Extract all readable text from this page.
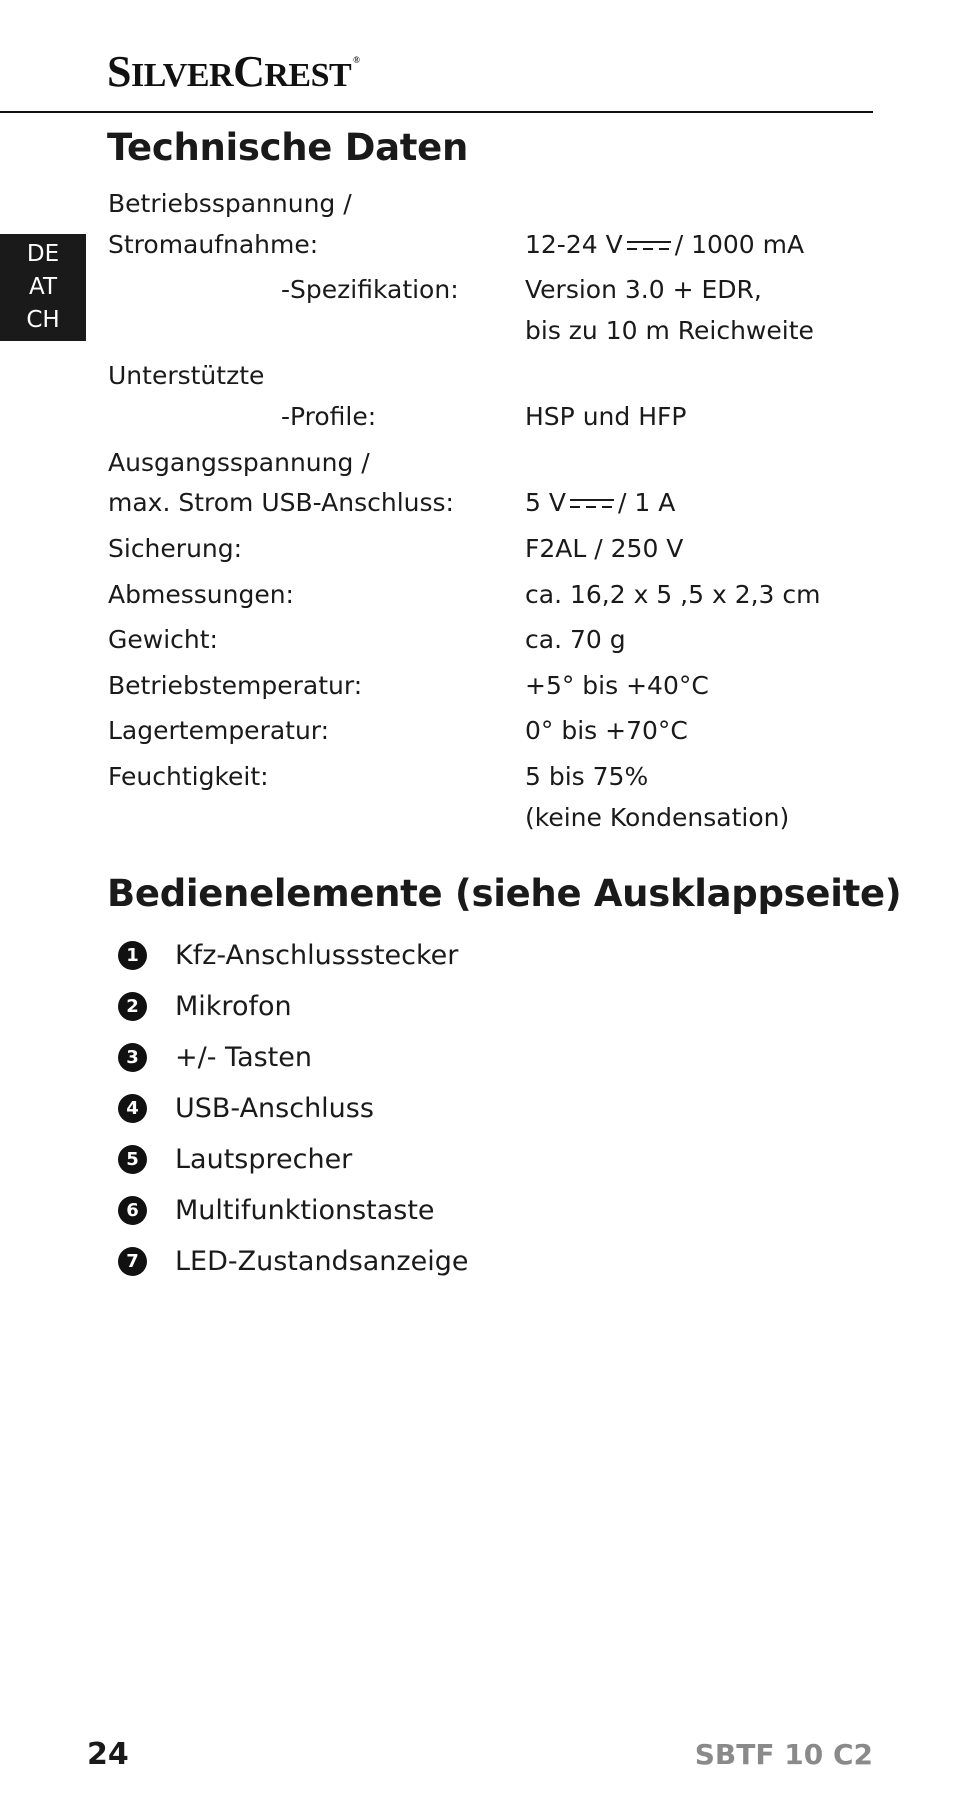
SILVERCREST ®
DE
AT
CH
Technische Daten
Betriebsspannung /
Stromaufnahme:	12-24 V / 1000 mA
-Spezifikation:	Version 3.0 + EDR,
bis zu 10 m Reichweite
Unterstützte
-Profile:	HSP und HFP
Ausgangsspannung /
max. Strom USB-Anschluss:	5 V / 1 A
Sicherung:	F2AL / 250 V
Abmessungen:	ca. 16,2 x 5 ,5 x 2,3 cm
Gewicht:	ca. 70 g
Betriebstemperatur:	+5° bis +40°C
Lagertemperatur:	0° bis +70°C
Feuchtigkeit:	5 bis 75%
(keine Kondensation)
Bedienelemente (siehe Ausklappseite)
1	Kfz-Anschlussstecker
2	Mikrofon
3	+/- Tasten
4	USB-Anschluss
5	Lautsprecher
6	Multifunktionstaste
7	LED-Zustandsanzeige
24	SBTF 10 C2
